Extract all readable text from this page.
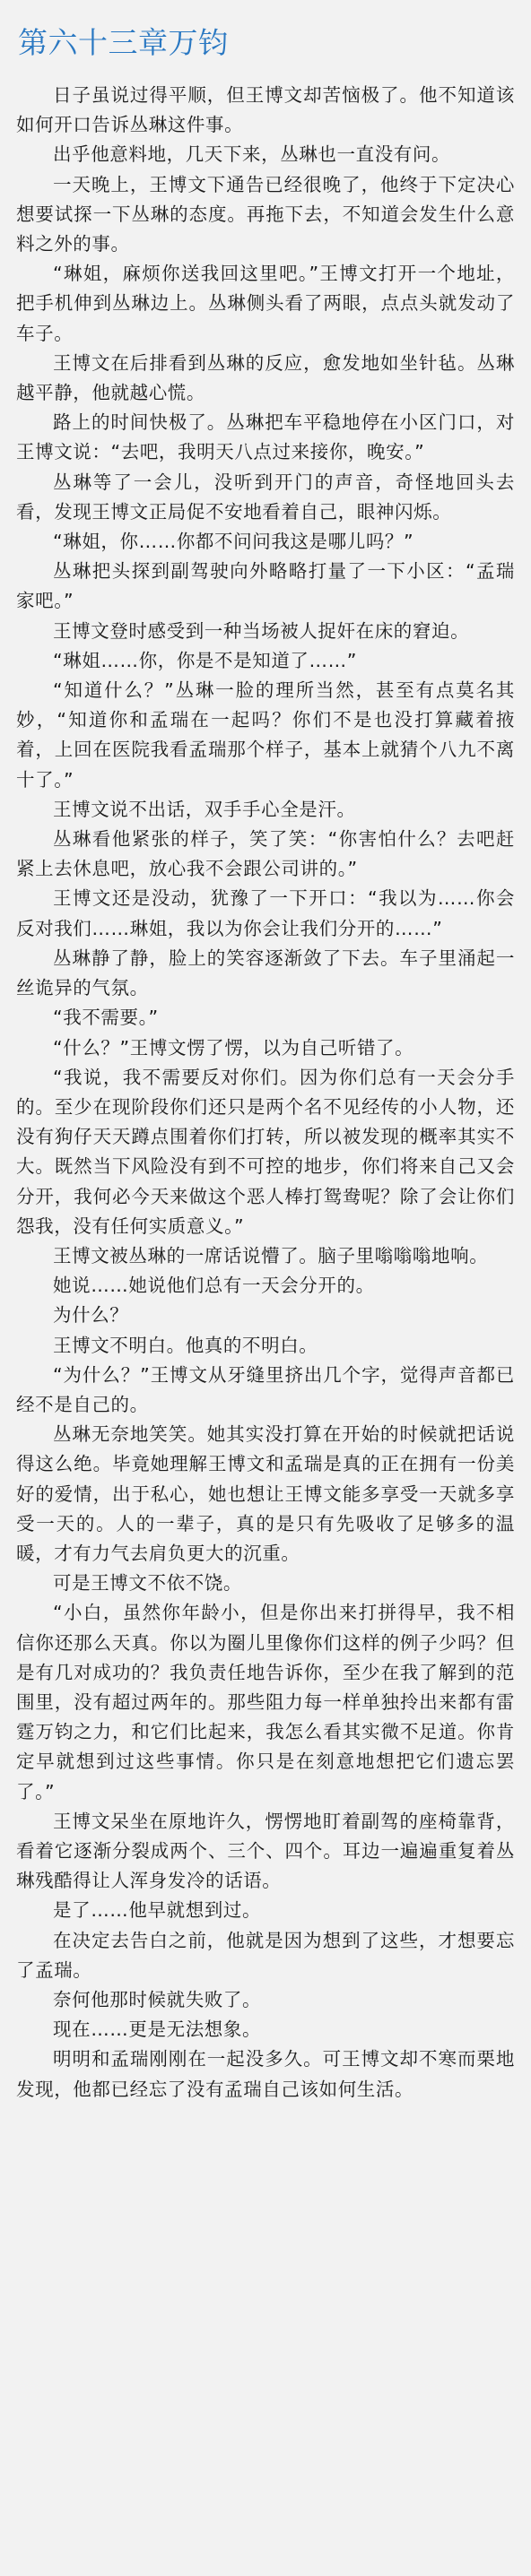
第六十三章万钧

日子虽说过得平顺，但王博文却苦恼极了。他不知道该如何开口告诉丛琳这件事。

出乎他意料地，几天下来，丛琳也一直没有问。

一天晚上，王博文下通告已经很晚了，他终于下定决心想要试探一下丛琳的态度。再拖下去，不知道会发生什么意料之外的事。

“琳姐，麻烦你送我回这里吧。”王博文打开一个地址，把手机伸到丛琳边上。丛琳侧头看了两眼，点点头就发动了车子。

王博文在后排看到丛琳的反应，愈发地如坐针毡。丛琳越平静，他就越心慌。

路上的时间快极了。丛琳把车平稳地停在小区门口，对王博文说：“去吧，我明天八点过来接你，晚安。”

丛琳等了一会儿，没听到开门的声音，奇怪地回头去看，发现王博文正局促不安地看着自己，眼神闪烁。

“琳姐，你……你都不问问我这是哪儿吗？”

丛琳把头探到副驾驶向外略略打量了一下小区：“孟瑞家吧。”

王博文登时感受到一种当场被人捉奸在床的窘迫。

“琳姐……你，你是不是知道了……”

“知道什么？”丛琳一脸的理所当然，甚至有点莫名其妙，“知道你和孟瑞在一起吗？你们不是也没打算藏着掖着，上回在医院我看孟瑞那个样子，基本上就猜个八九不离十了。”

王博文说不出话，双手手心全是汗。

丛琳看他紧张的样子，笑了笑：“你害怕什么？去吧赶紧上去休息吧，放心我不会跟公司讲的。”

王博文还是没动，犹豫了一下开口：“我以为……你会反对我们……琳姐，我以为你会让我们分开的……”

丛琳静了静，脸上的笑容逐渐敛了下去。车子里涌起一丝诡异的气氛。

“我不需要。”

“什么？”王博文愣了愣，以为自己听错了。

“我说，我不需要反对你们。因为你们总有一天会分手的。至少在现阶段你们还只是两个名不见经传的小人物，还没有狗仔天天蹲点围着你们打转，所以被发现的概率其实不大。既然当下风险没有到不可控的地步，你们将来自己又会分开，我何必今天来做这个恶人棒打鸳鸯呢？除了会让你们怨我，没有任何实质意义。”

王博文被丛琳的一席话说懵了。脑子里嗡嗡嗡地响。

她说……她说他们总有一天会分开的。

为什么？

王博文不明白。他真的不明白。

“为什么？”王博文从牙缝里挤出几个字，觉得声音都已经不是自己的。

丛琳无奈地笑笑。她其实没打算在开始的时候就把话说得这么绝。毕竟她理解王博文和孟瑞是真的正在拥有一份美好的爱情，出于私心，她也想让王博文能多享受一天就多享受一天的。人的一辈子，真的是只有先吸收了足够多的温暖，才有力气去肩负更大的沉重。

可是王博文不依不饶。

“小白，虽然你年龄小，但是你出来打拼得早，我不相信你还那么天真。你以为圈儿里像你们这样的例子少吗？但是有几对成功的？我负责任地告诉你，至少在我了解到的范围里，没有超过两年的。那些阻力每一样单独拎出来都有雷霆万钧之力，和它们比起来，我怎么看其实微不足道。你肯定早就想到过这些事情。你只是在刻意地想把它们遗忘罢了。”

王博文呆坐在原地许久，愣愣地盯着副驾的座椅靠背，看着它逐渐分裂成两个、三个、四个。耳边一遍遍重复着丛琳残酷得让人浑身发冷的话语。

是了……他早就想到过。

在决定去告白之前，他就是因为想到了这些，才想要忘了孟瑞。

奈何他那时候就失败了。

现在……更是无法想象。

明明和孟瑞刚刚在一起没多久。可王博文却不寒而栗地发现，他都已经忘了没有孟瑞自己该如何生活。
